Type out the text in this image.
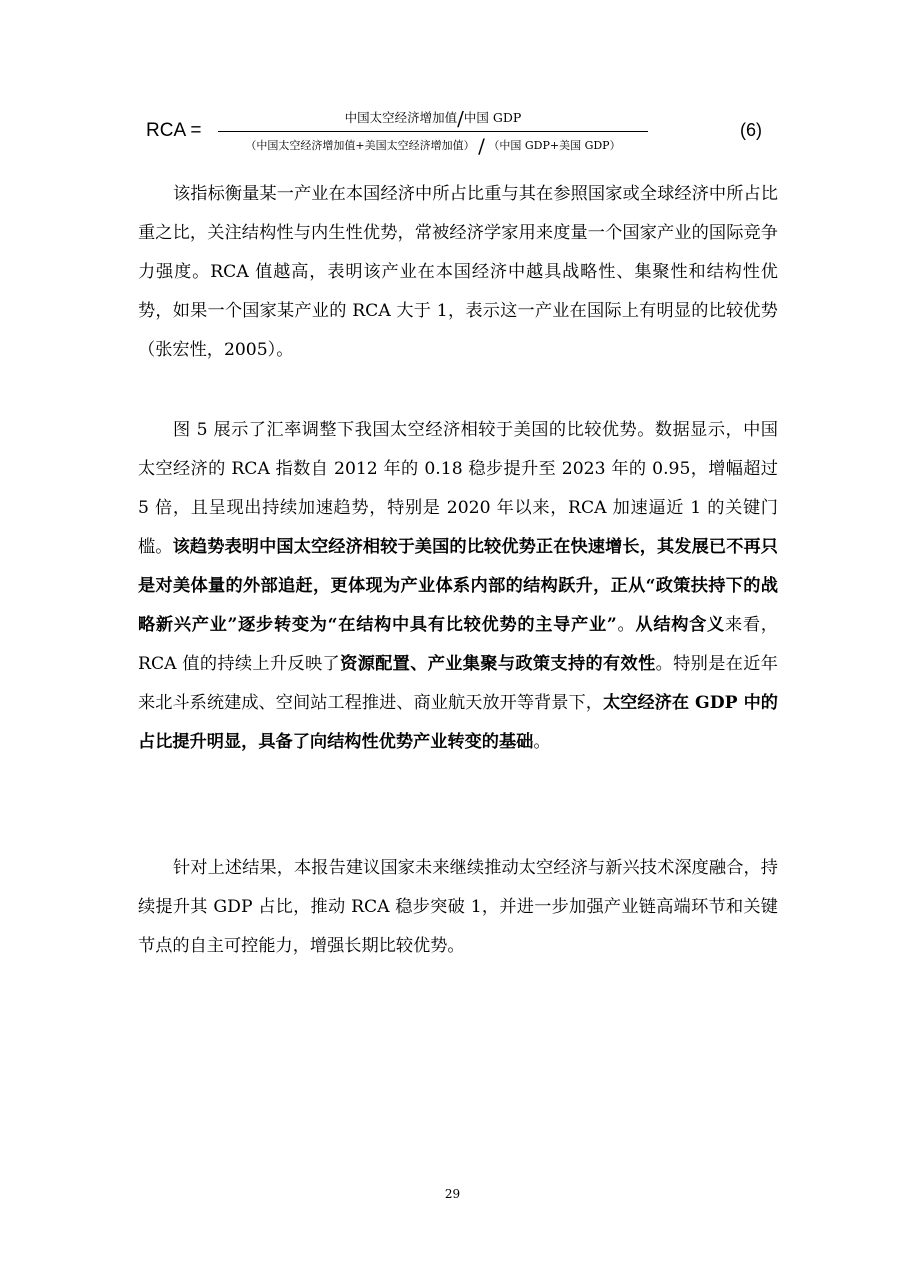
RCA =
中国太空经济增加值/中国 GDP
（中国太空经济增加值+美国太空经济增加值） / （中国 GDP+美国 GDP）
(6)

该指标衡量某一产业在本国经济中所占比重与其在参照国家或全球经济中所占比重之比，关注结构性与内生性优势，常被经济学家用来度量一个国家产业的国际竞争力强度。RCA 值越高，表明该产业在本国经济中越具战略性、集聚性和结构性优势，如果一个国家某产业的 RCA 大于 1，表示这一产业在国际上有明显的比较优势（张宏性，2005）。

图 5 展示了汇率调整下我国太空经济相较于美国的比较优势。数据显示，中国太空经济的 RCA 指数自 2012 年的 0.18 稳步提升至 2023 年的 0.95，增幅超过 5 倍，且呈现出持续加速趋势，特别是 2020 年以来，RCA 加速逼近 1 的关键门槛。该趋势表明中国太空经济相较于美国的比较优势正在快速增长，其发展已不再只是对美体量的外部追赶，更体现为产业体系内部的结构跃升，正从“政策扶持下的战略新兴产业”逐步转变为“在结构中具有比较优势的主导产业”。从结构含义来看，RCA 值的持续上升反映了资源配置、产业集聚与政策支持的有效性。特别是在近年来北斗系统建成、空间站工程推进、商业航天放开等背景下，太空经济在 GDP 中的占比提升明显，具备了向结构性优势产业转变的基础。

针对上述结果，本报告建议国家未来继续推动太空经济与新兴技术深度融合，持续提升其 GDP 占比，推动 RCA 稳步突破 1，并进一步加强产业链高端环节和关键节点的自主可控能力，增强长期比较优势。

29
